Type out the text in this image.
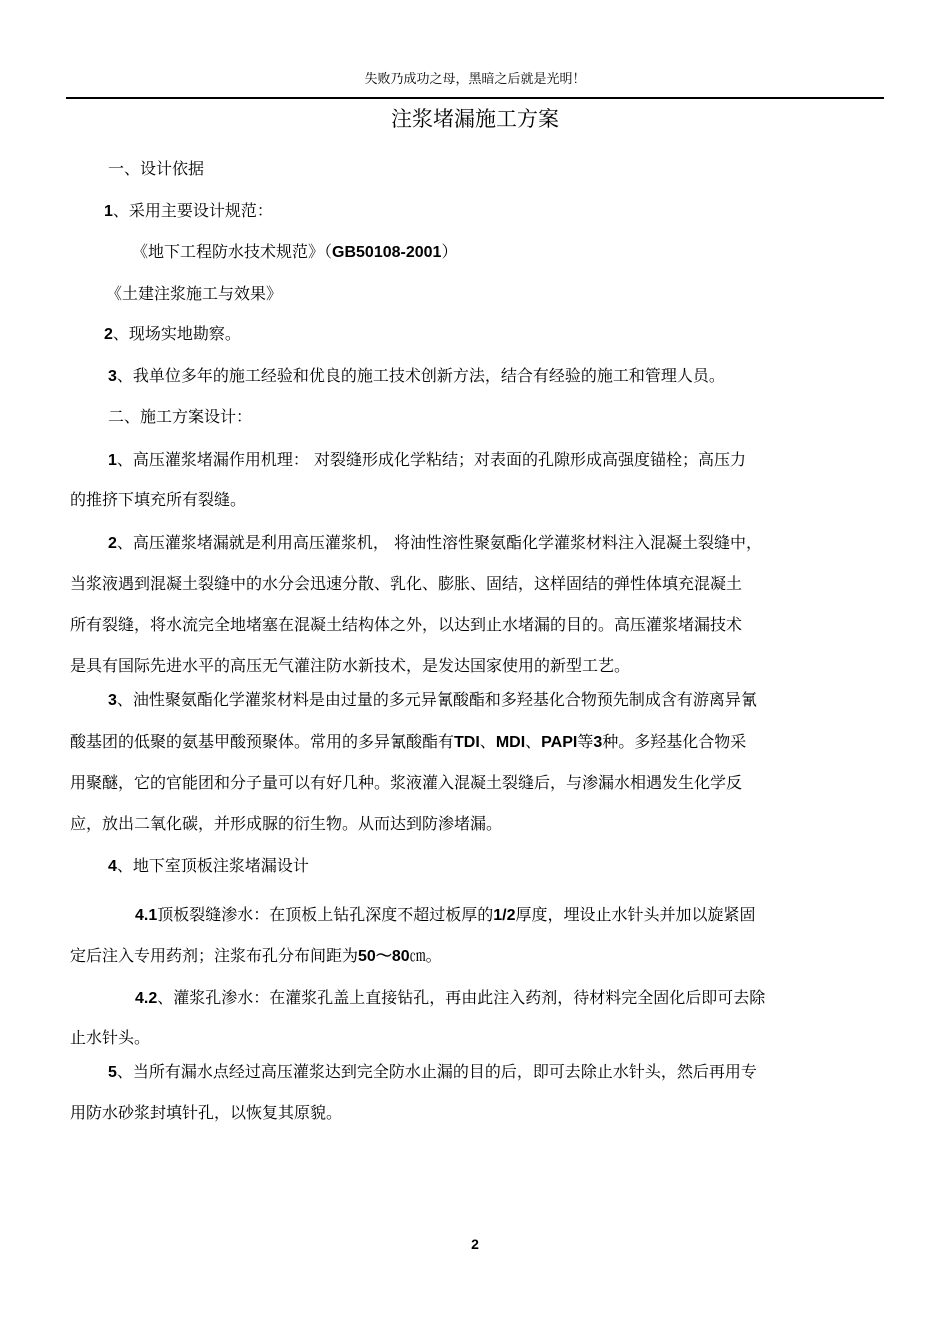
失败乃成功之母，黑暗之后就是光明！
注浆堵漏施工方案
一、设计依据
1、采用主要设计规范：
《地下工程防水技术规范》（GB50108-2001）
《土建注浆施工与效果》
2、现场实地勘察。
3、我单位多年的施工经验和优良的施工技术创新方法，结合有经验的施工和管理人员。
二、施工方案设计：
1、高压灌浆堵漏作用机理： 对裂缝形成化学粘结；对表面的孔隙形成高强度锚栓；高压力
的推挤下填充所有裂缝。
2、高压灌浆堵漏就是利用高压灌浆机， 将油性溶性聚氨酯化学灌浆材料注入混凝土裂缝中，
当浆液遇到混凝土裂缝中的水分会迅速分散、乳化、膨胀、固结，这样固结的弹性体填充混凝土
所有裂缝，将水流完全地堵塞在混凝土结构体之外，以达到止水堵漏的目的。高压灌浆堵漏技术
是具有国际先进水平的高压无气灌注防水新技术，是发达国家使用的新型工艺。
3、油性聚氨酯化学灌浆材料是由过量的多元异氰酸酯和多羟基化合物预先制成含有游离异氰
酸基团的低聚的氨基甲酸预聚体。常用的多异氰酸酯有TDI、MDI、PAPI等3种。多羟基化合物采
用聚醚，它的官能团和分子量可以有好几种。浆液灌入混凝土裂缝后，与渗漏水相遇发生化学反
应，放出二氧化碳，并形成脲的衍生物。从而达到防渗堵漏。
4、地下室顶板注浆堵漏设计
4.1顶板裂缝渗水：在顶板上钻孔深度不超过板厚的1/2厚度，埋设止水针头并加以旋紧固
定后注入专用药剂；注浆布孔分布间距为50～80㎝。
4.2、灌浆孔渗水：在灌浆孔盖上直接钻孔，再由此注入药剂，待材料完全固化后即可去除
止水针头。
5、当所有漏水点经过高压灌浆达到完全防水止漏的目的后，即可去除止水针头，然后再用专
用防水砂浆封填针孔，以恢复其原貌。
2
